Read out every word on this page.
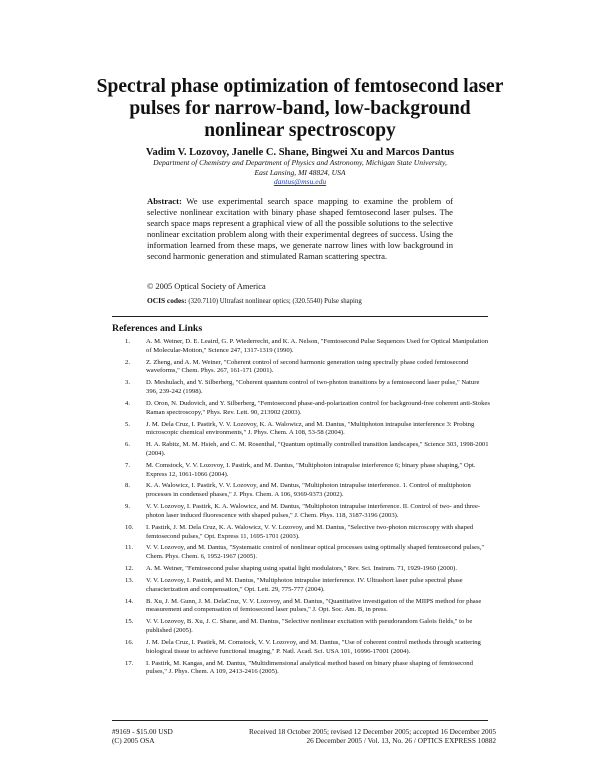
Spectral phase optimization of femtosecond laser pulses for narrow-band, low-background nonlinear spectroscopy
Vadim V. Lozovoy, Janelle C. Shane, Bingwei Xu and Marcos Dantus
Department of Chemistry and Department of Physics and Astronomy, Michigan State University,
East Lansing, MI 48824, USA
dantus@msu.edu
Abstract: We use experimental search space mapping to examine the problem of selective nonlinear excitation with binary phase shaped femtosecond laser pulses. The search space maps represent a graphical view of all the possible solutions to the selective nonlinear excitation problem along with their experimental degrees of success. Using the information learned from these maps, we generate narrow lines with low background in second harmonic generation and stimulated Raman scattering spectra.
© 2005 Optical Society of America
OCIS codes: (320.7110) Ultrafast nonlinear optics; (320.5540) Pulse shaping
References and Links
1.	A. M. Weiner, D. E. Leaird, G. P. Wiederrecht, and K. A. Nelson, "Femtosecond Pulse Sequences Used for Optical Manipulation of Molecular-Motion," Science 247, 1317-1319 (1990).
2.	Z. Zheng, and A. M. Weiner, "Coherent control of second harmonic generation using spectrally phase coded femtosecond waveforms," Chem. Phys. 267, 161-171 (2001).
3.	D. Meshulach, and Y. Silberberg, "Coherent quantum control of two-photon transitions by a femtosecond laser pulse," Nature 396, 239-242 (1998).
4.	D. Oron, N. Dudovich, and Y. Silberberg, "Femtosecond phase-and-polarization control for background-free coherent anti-Stokes Raman spectroscopy," Phys. Rev. Lett. 90, 213902 (2003).
5.	J. M. Dela Cruz, I. Pastirk, V. V. Lozovoy, K. A. Walowicz, and M. Dantus, "Multiphoton intrapulse interference 3: Probing microscopic chemical environments," J. Phys. Chem. A 108, 53-58 (2004).
6.	H. A. Rabitz, M. M. Hsieh, and C. M. Rosenthal, "Quantum optimally controlled transition landscapes," Science 303, 1998-2001 (2004).
7.	M. Comstock, V. V. Lozovoy, I. Pastirk, and M. Dantus, "Multiphoton intrapulse interference 6; binary phase shaping," Opt. Express 12, 1061-1066 (2004).
8.	K. A. Walowicz, I. Pastirk, V. V. Lozovoy, and M. Dantus, "Multiphoton intrapulse interference. 1. Control of multiphoton processes in condensed phases," J. Phys. Chem. A 106, 9369-9373 (2002).
9.	V. V. Lozovoy, I. Pastirk, K. A. Walowicz, and M. Dantus, "Multiphoton intrapulse interference. II. Control of two- and three-photon laser induced fluorescence with shaped pulses," J. Chem. Phys. 118, 3187-3196 (2003).
10.	I. Pastirk, J. M. Dela Cruz, K. A. Walowicz, V. V. Lozovoy, and M. Dantus, "Selective two-photon microscopy with shaped femtosecond pulses," Opt. Express 11, 1695-1701 (2003).
11.	V. V. Lozovoy, and M. Dantus, "Systematic control of nonlinear optical processes using optimally shaped femtosecond pulses," Chem. Phys. Chem. 6, 1952-1967 (2005).
12.	A. M. Weiner, "Femtosecond pulse shaping using spatial light modulators," Rev. Sci. Instrum. 71, 1929-1960 (2000).
13.	V. V. Lozovoy, I. Pastirk, and M. Dantus, "Multiphoton intrapulse interference. IV. Ultrashort laser pulse spectral phase characterization and compensation," Opt. Lett. 29, 775-777 (2004).
14.	B. Xu, J. M. Gunn, J. M. DelaCruz, V. V. Lozovoy, and M. Dantus, "Quantitative investigation of the MIIPS method for phase measurement and compensation of femtosecond laser pulses," J. Opt. Soc. Am. B, in press.
15.	V. V. Lozovoy, B. Xu, J. C. Shane, and M. Dantus, "Selective nonlinear excitation with pseudorandom Galois fields," to be published (2005).
16.	J. M. Dela Cruz, I. Pastirk, M. Comstock, V. V. Lozovoy, and M. Dantus, "Use of coherent control methods through scattering biological tissue to achieve functional imaging," P. Natl. Acad. Sci. USA 101, 16996-17001 (2004).
17.	I. Pastirk, M. Kangas, and M. Dantus, "Multidimensional analytical method based on binary phase shaping of femtosecond pulses," J. Phys. Chem. A 109, 2413-2416 (2005).
#9169 - $15.00 USD	Received 18 October 2005; revised 12 December 2005; accepted 16 December 2005
(C) 2005 OSA	26 December 2005 / Vol. 13, No. 26 / OPTICS EXPRESS 10882
